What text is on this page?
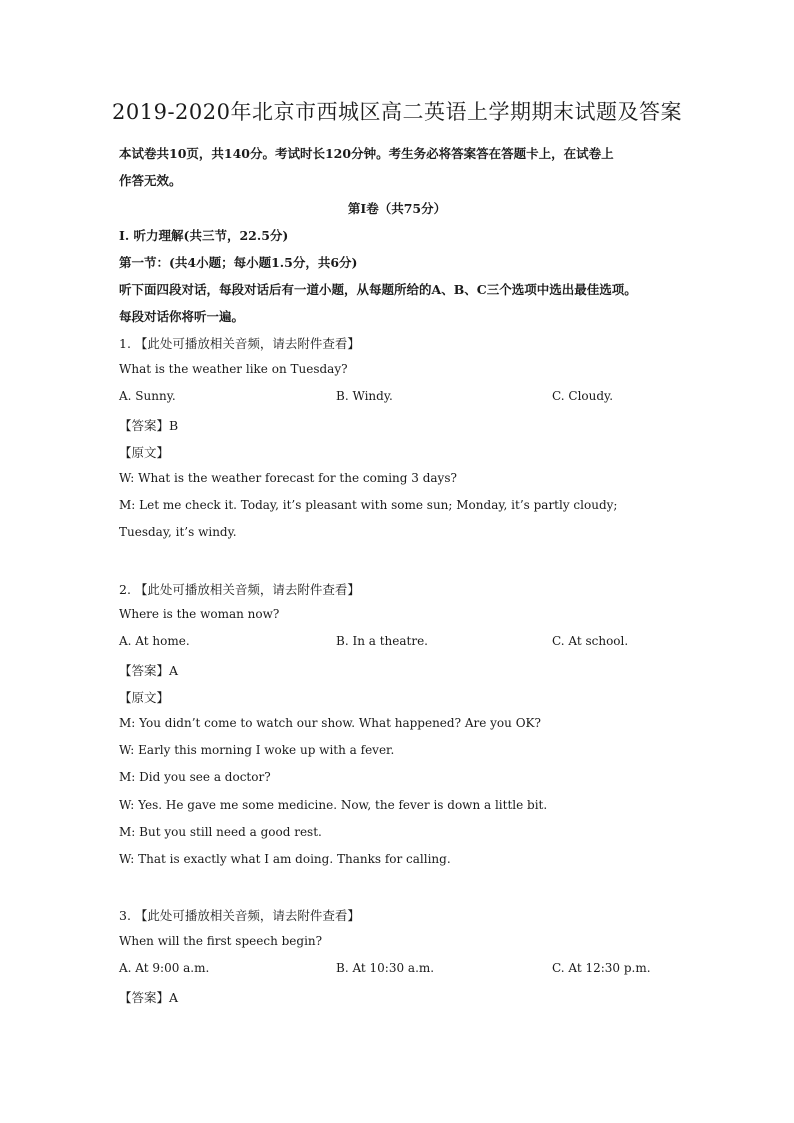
2019-2020年北京市西城区高二英语上学期期末试题及答案
本试卷共10页，共140分。考试时长120分钟。考生务必将答案答在答题卡上，在试卷上
作答无效。
第I卷（共75分）
I. 听力理解(共三节，22.5分)
第一节：(共4小题；每小题1.5分，共6分)
听下面四段对话，每段对话后有一道小题，从每题所给的A、B、C三个选项中选出最佳选项。
每段对话你将听一遍。
1. 【此处可播放相关音频，请去附件查看】
What is the weather like on Tuesday?
A. Sunny.	B. Windy.	C. Cloudy.
【答案】B
【原文】
W: What is the weather forecast for the coming 3 days?
M: Let me check it. Today, it’s pleasant with some sun; Monday, it’s partly cloudy;
Tuesday, it’s windy.
2. 【此处可播放相关音频，请去附件查看】
Where is the woman now?
A. At home.	B. In a theatre.	C. At school.
【答案】A
【原文】
M: You didn’t come to watch our show. What happened? Are you OK?
W: Early this morning I woke up with a fever.
M: Did you see a doctor?
W: Yes. He gave me some medicine. Now, the fever is down a little bit.
M: But you still need a good rest.
W: That is exactly what I am doing. Thanks for calling.
3. 【此处可播放相关音频，请去附件查看】
When will the first speech begin?
A. At 9:00 a.m.	B. At 10:30 a.m.	C. At 12:30 p.m.
【答案】A
